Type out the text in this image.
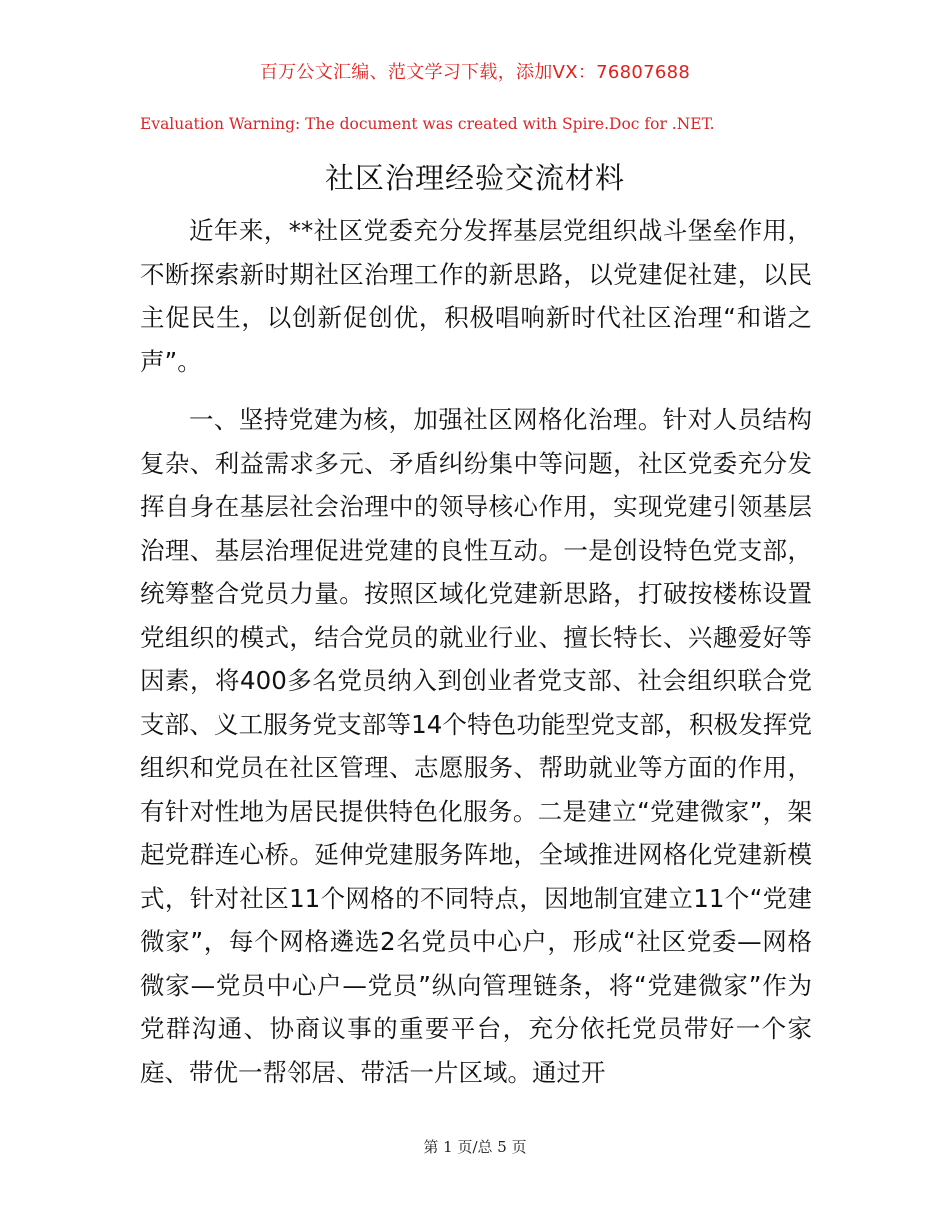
百万公文汇编、范文学习下载，添加VX：76807688
Evaluation Warning: The document was created with Spire.Doc for .NET.
社区治理经验交流材料

近年来，**社区党委充分发挥基层党组织战斗堡垒作用，不断探索新时期社区治理工作的新思路，以党建促社建，以民主促民生，以创新促创优，积极唱响新时代社区治理“和谐之声”。

一、坚持党建为核，加强社区网格化治理。针对人员结构复杂、利益需求多元、矛盾纠纷集中等问题，社区党委充分发挥自身在基层社会治理中的领导核心作用，实现党建引领基层治理、基层治理促进党建的良性互动。一是创设特色党支部，统筹整合党员力量。按照区域化党建新思路，打破按楼栋设置党组织的模式，结合党员的就业行业、擅长特长、兴趣爱好等因素，将400多名党员纳入到创业者党支部、社会组织联合党支部、义工服务党支部等14个特色功能型党支部，积极发挥党组织和党员在社区管理、志愿服务、帮助就业等方面的作用，有针对性地为居民提供特色化服务。二是建立“党建微家”，架起党群连心桥。延伸党建服务阵地，全域推进网格化党建新模式，针对社区11个网格的不同特点，因地制宜建立11个“党建微家”，每个网格遴选2名党员中心户，形成“社区党委—网格微家—党员中心户—党员”纵向管理链条，将“党建微家”作为党群沟通、协商议事的重要平台，充分依托党员带好一个家庭、带优一帮邻居、带活一片区域。通过开

第 1 页/总 5 页
